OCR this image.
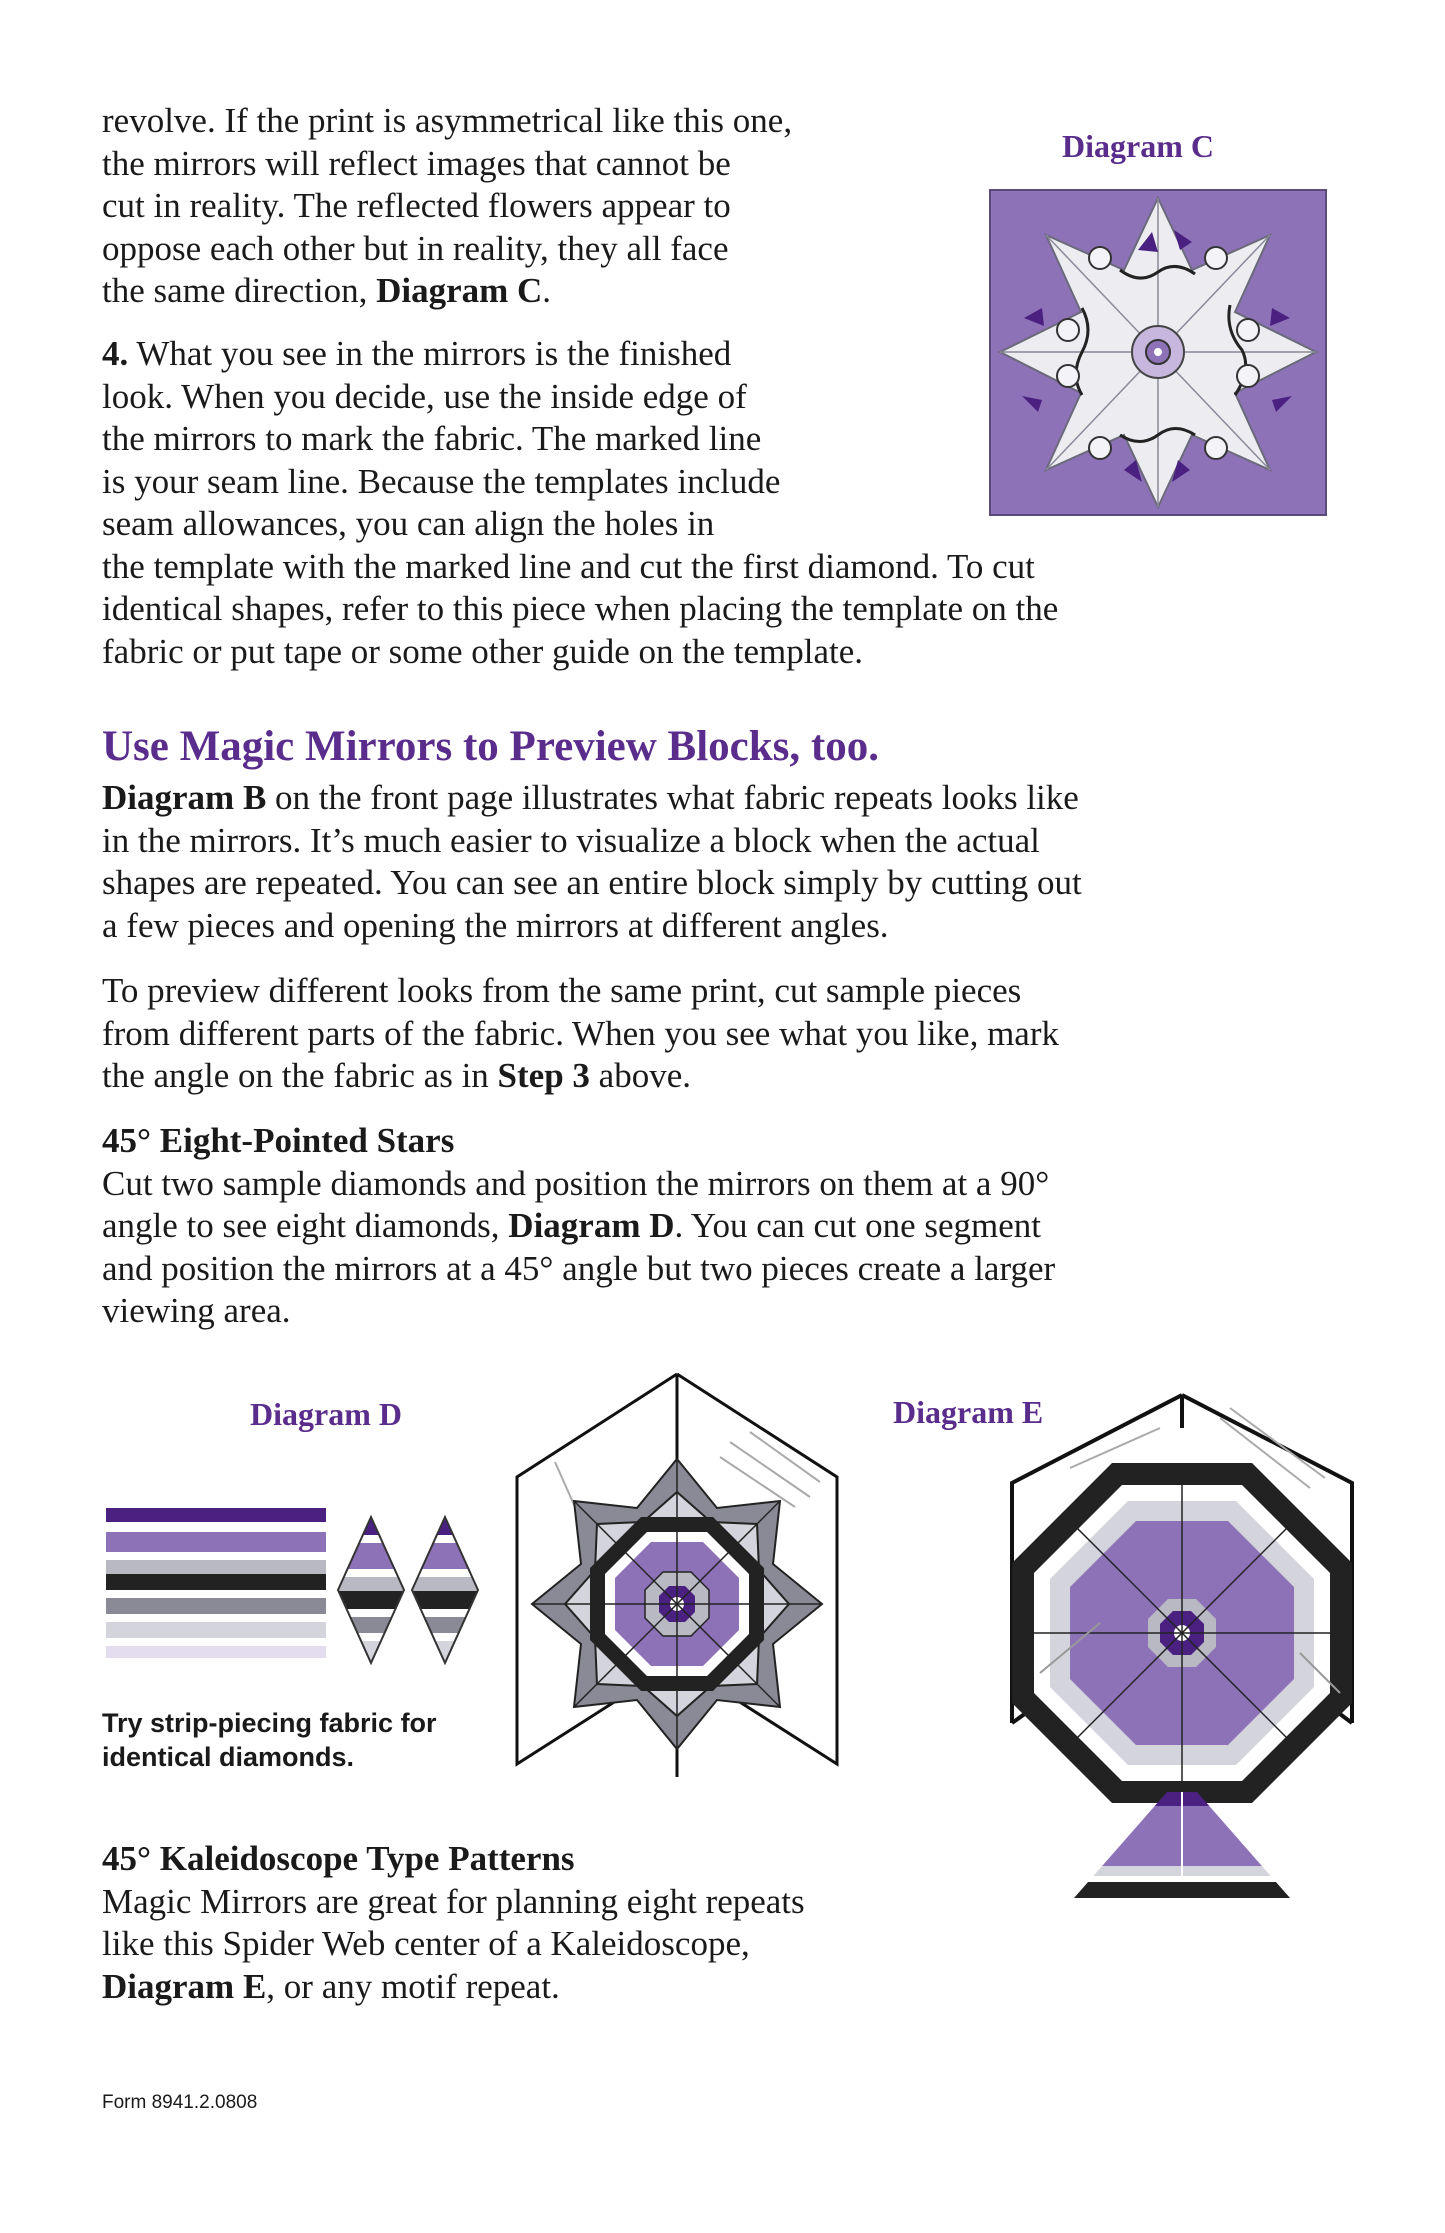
revolve. If the print is asymmetrical like this one,

the mirrors will reflect images that cannot be

cut in reality. The reflected flowers appear to

oppose each other but in reality, they all face

the same direction, Diagram C.

4. What you see in the mirrors is the finished

look. When you decide, use the inside edge of

the mirrors to mark the fabric. The marked line

is your seam line. Because the templates include

seam allowances, you can align the holes in

the template with the marked line and cut the first diamond. To cut

identical shapes, refer to this piece when placing the template on the

fabric or put tape or some other guide on the template.

Diagram C
Use Magic Mirrors to Preview Blocks, too.

Diagram B on the front page illustrates what fabric repeats looks like

in the mirrors. It’s much easier to visualize a block when the actual

shapes are repeated. You can see an entire block simply by cutting out

a few pieces and opening the mirrors at different angles.

To preview different looks from the same print, cut sample pieces

from different parts of the fabric. When you see what you like, mark

the angle on the fabric as in Step 3 above.

45° Eight-Pointed Stars

Cut two sample diamonds and position the mirrors on them at a 90°

angle to see eight diamonds, Diagram D. You can cut one segment

and position the mirrors at a 45° angle but two pieces create a larger

viewing area.

Diagram D
Try strip-piecing fabric for
identical diamonds.
Diagram E

45° Kaleidoscope Type Patterns

Magic Mirrors are great for planning eight repeats

like this Spider Web center of a Kaleidoscope,

Diagram E, or any motif repeat.

Form 8941.2.0808
